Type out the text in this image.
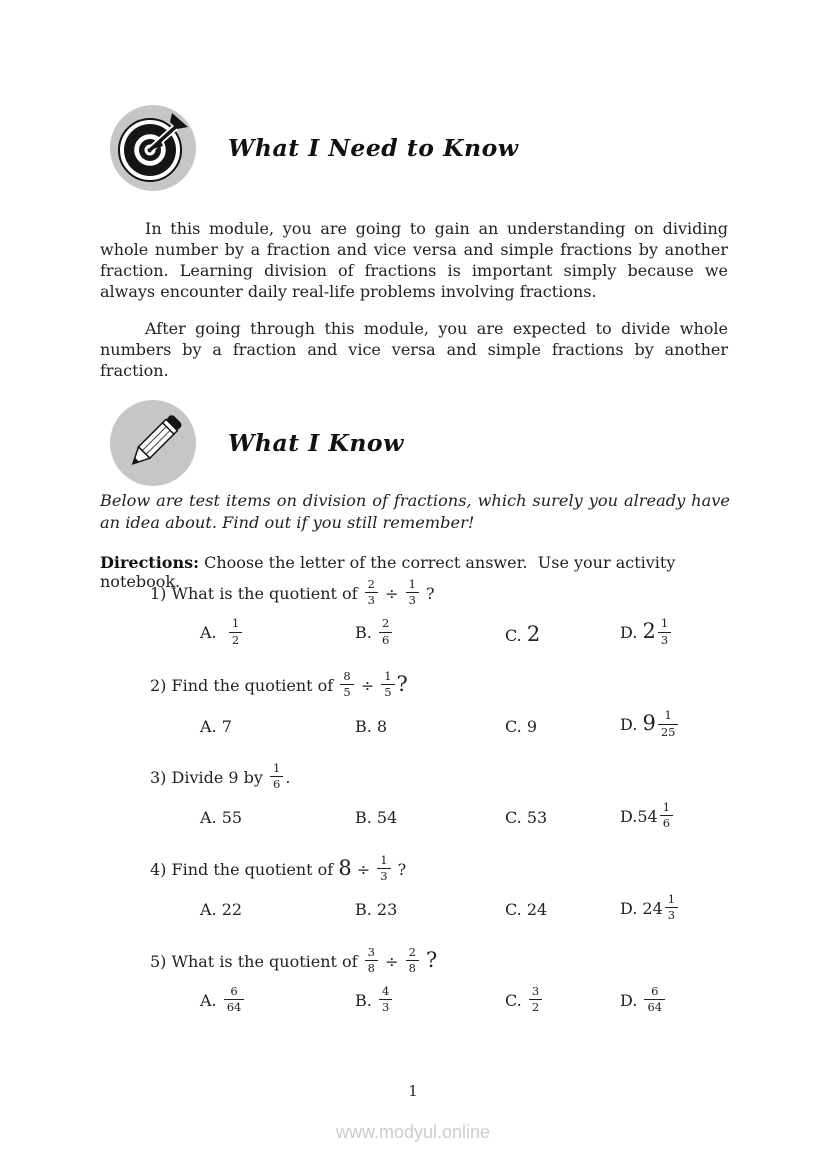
What I Need to Know

In this module, you are going to gain an understanding on dividing whole number by a fraction and vice versa and simple fractions by another fraction. Learning division of fractions is important simply because we always encounter daily real-life problems involving fractions.

After going through this module, you are expected to divide whole numbers by a fraction and vice versa and simple fractions by another fraction.

What I Know

Below are test items on division of fractions, which surely you already have an idea about. Find out if you still remember!

Directions: Choose the letter of the correct answer.  Use your activity notebook.

1) What is the quotient of $\frac{2}{3} \div \frac{1}{3}$ ?
A. $\frac{1}{2}$	B. $\frac{2}{6}$	C. 2	D. $2 \frac{1}{3}$
2) Find the quotient of $\frac{8}{5} \div \frac{1}{5}$ ?
A. 7	B. 8	C. 9	D. $9 \frac{1}{25}$
3) Divide 9 by $\frac{1}{6}$ .
A. 55	B. 54	C. 53	$D.54 \frac{1}{6}$
4) Find the quotient of $8 \div \frac{1}{3}$ ?
A. 22	B. 23	C. 24	D. $24 \frac{1}{3}$
5) What is the quotient of $\frac{3}{8} \div \frac{2}{8}$ ?
A. $\frac{6}{64}$	B. $\frac{4}{3}$	C. $\frac{3}{2}$	D. $\frac{6}{64}$
1
www.modyul.online
